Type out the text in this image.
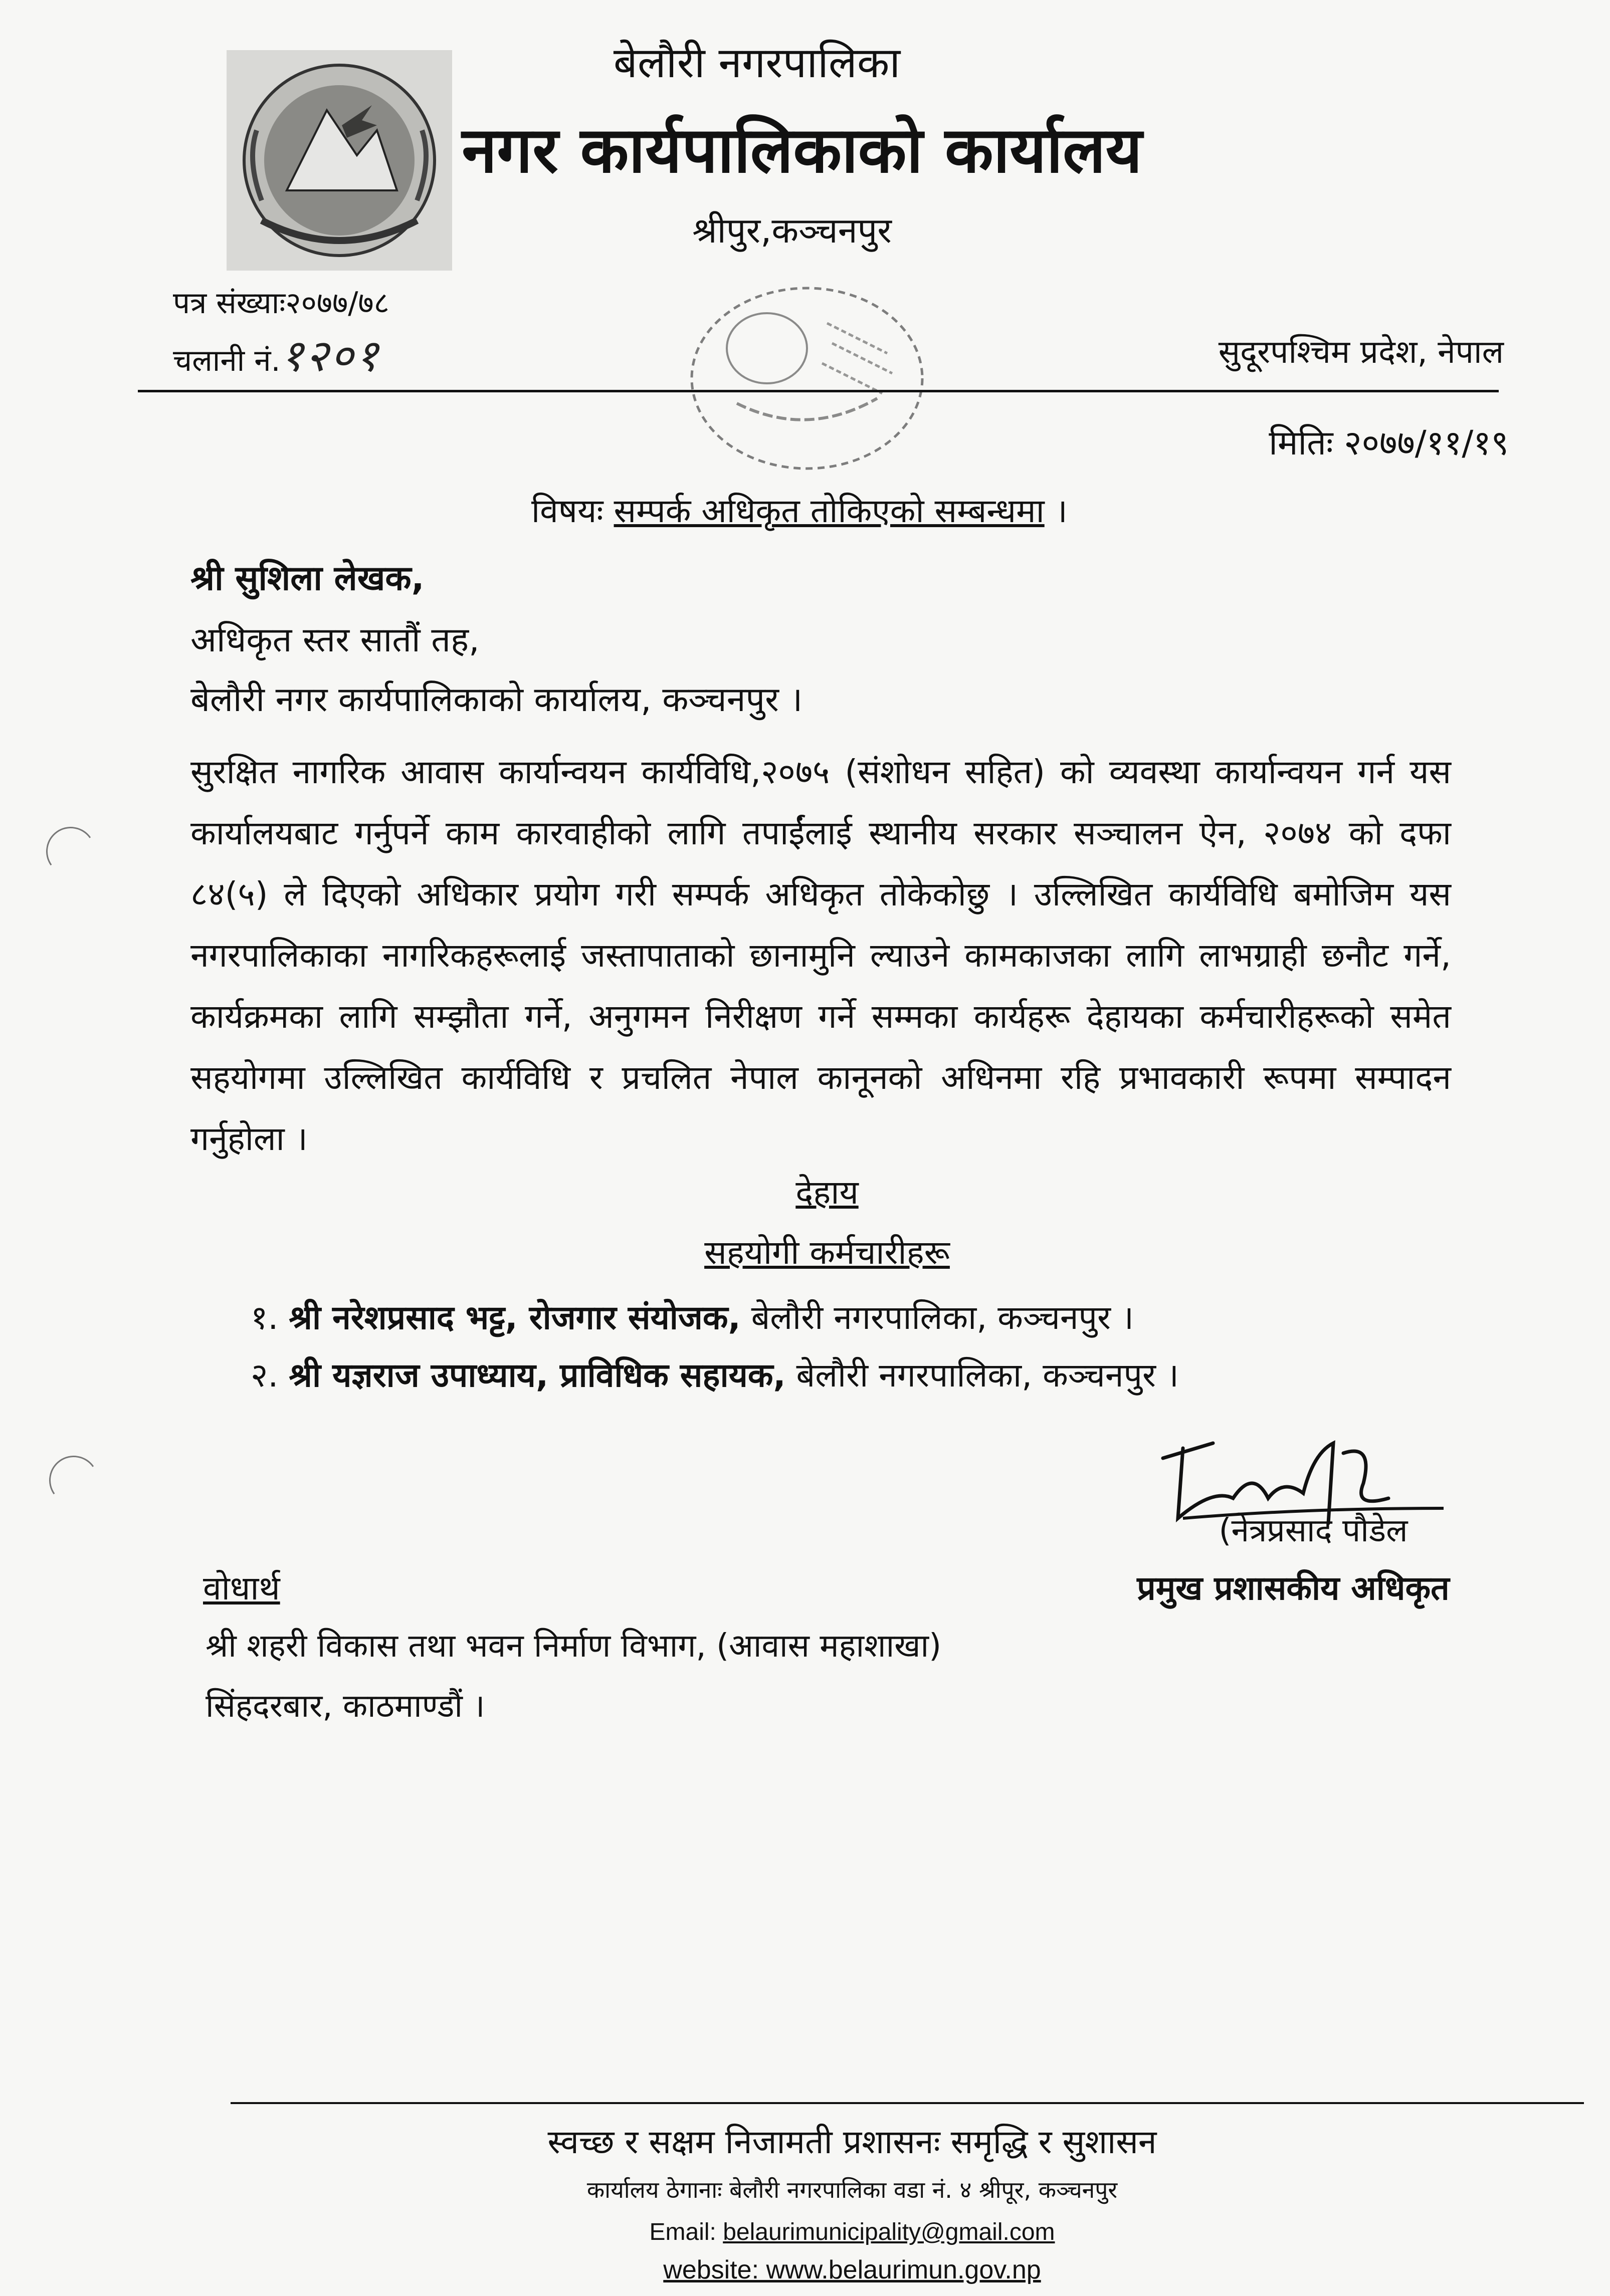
बेलौरी नगरपालिका
नगर कार्यपालिकाको कार्यालय
श्रीपुर,कञ्चनपुर
पत्र संख्याः२०७७/७८
चलानी नं.१२०१	सुदूरपश्चिम प्रदेश, नेपाल
मितिः २०७७/११/१९
विषयः सम्पर्क अधिकृत तोकिएको सम्बन्धमा ।
श्री सुशिला लेखक,
अधिकृत स्तर सातौं तह,
बेलौरी नगर कार्यपालिकाको कार्यालय, कञ्चनपुर ।
सुरक्षित नागरिक आवास कार्यान्वयन कार्यविधि,२०७५ (संशोधन सहित) को व्यवस्था कार्यान्वयन गर्न यस कार्यालयबाट गर्नुपर्ने काम कारवाहीको लागि तपाईंलाई स्थानीय सरकार सञ्चालन ऐन, २०७४ को दफा ८४(५) ले दिएको अधिकार प्रयोग गरी सम्पर्क अधिकृत तोकेकोछु । उल्लिखित कार्यविधि बमोजिम यस नगरपालिकाका नागरिकहरूलाई जस्तापाताको छानामुनि ल्याउने कामकाजका लागि लाभग्राही छनौट गर्ने, कार्यक्रमका लागि सम्झौता गर्ने, अनुगमन निरीक्षण गर्ने सम्मका कार्यहरू देहायका कर्मचारीहरूको समेत सहयोगमा उल्लिखित कार्यविधि र प्रचलित नेपाल कानूनको अधिनमा रहि प्रभावकारी रूपमा सम्पादन गर्नुहोला ।
देहाय
सहयोगी कर्मचारीहरू
१. श्री नरेशप्रसाद भट्ट, रोजगार संयोजक, बेलौरी नगरपालिका, कञ्चनपुर ।
२. श्री यज्ञराज उपाध्याय, प्राविधिक सहायक, बेलौरी नगरपालिका, कञ्चनपुर ।
(नेत्रप्रसाद पौडेल
प्रमुख प्रशासकीय अधिकृत
वोधार्थ
श्री शहरी विकास तथा भवन निर्माण विभाग, (आवास महाशाखा)
सिंहदरबार, काठमाण्डौं ।
स्वच्छ र सक्षम निजामती प्रशासनः समृद्धि र सुशासन
कार्यालय ठेगानाः बेलौरी नगरपालिका वडा नं. ४ श्रीपूर, कञ्चनपुर
Email: belaurimunicipality@gmail.com
website: www.belaurimun.gov.np
